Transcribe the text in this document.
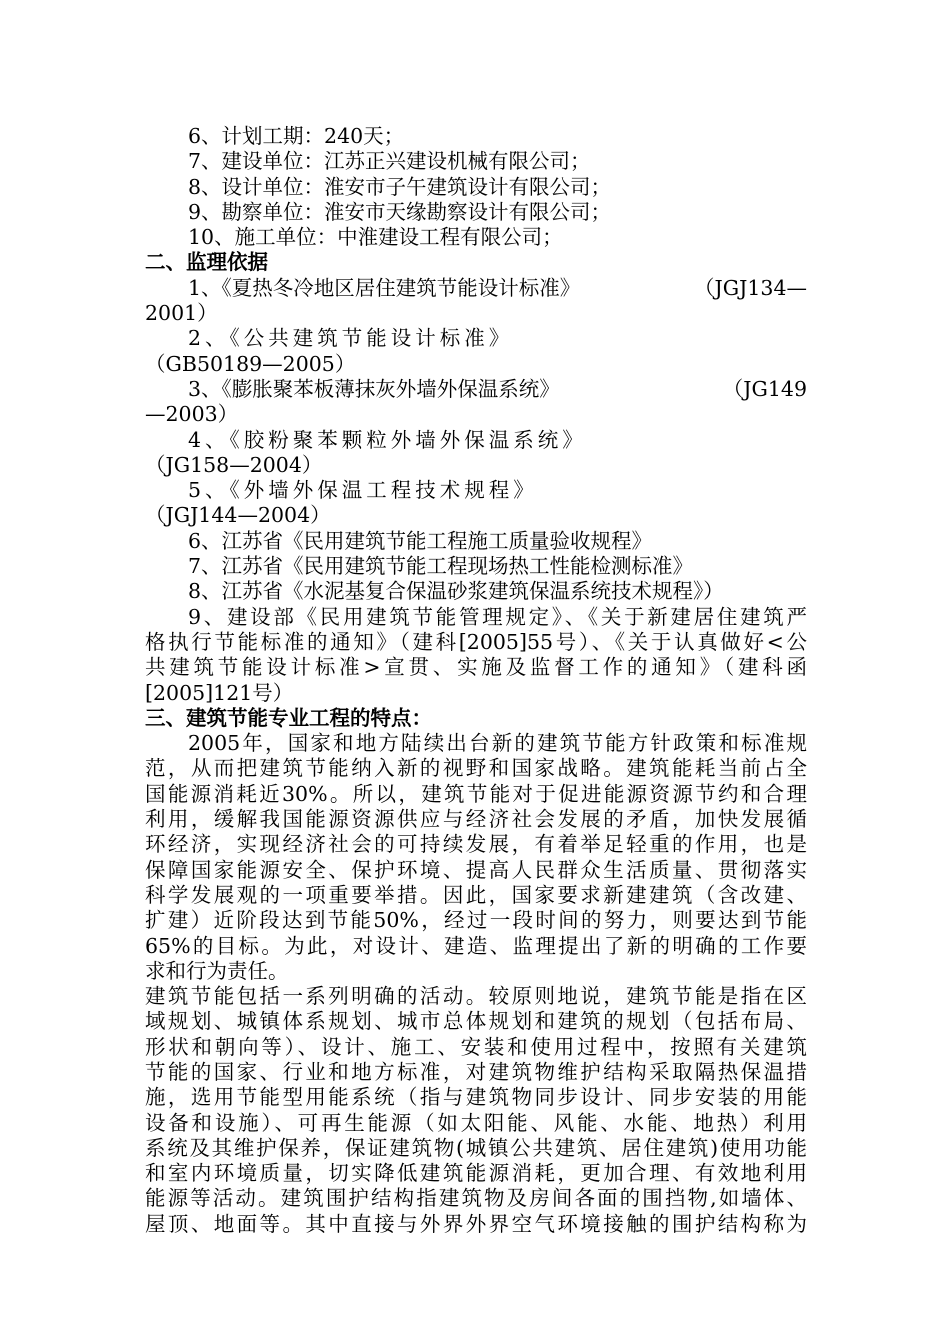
6、计划工期：240天；
7、建设单位：江苏正兴建设机械有限公司；
8、设计单位：淮安市子午建筑设计有限公司；
9、勘察单位：淮安市天缘勘察设计有限公司；
10、施工单位：中淮建设工程有限公司；
二、监理依据
1、《夏热冬冷地区居住建筑节能设计标准》	（JGJ134—
2001）
2、《公共建筑节能设计标准》
（GB50189—2005）
3、《膨胀聚苯板薄抹灰外墙外保温系统》	（JG149
—2003）
4、《胶粉聚苯颗粒外墙外保温系统》
（JG158—2004）
5、《外墙外保温工程技术规程》
（JGJ144—2004）
6、江苏省《民用建筑节能工程施工质量验收规程》
7、江苏省《民用建筑节能工程现场热工性能检测标准》
8、江苏省《水泥基复合保温砂浆建筑保温系统技术规程》）
9、建设部《民用建筑节能管理规定》、《关于新建居住建筑严
格执行节能标准的通知》（建科[2005]55号）、《关于认真做好<公
共建筑节能设计标准>宣贯、实施及监督工作的通知》（建科函
[2005]121号）
三、建筑节能专业工程的特点：
2005年，国家和地方陆续出台新的建筑节能方针政策和标准规
范，从而把建筑节能纳入新的视野和国家战略。建筑能耗当前占全
国能源消耗近30%。所以，建筑节能对于促进能源资源节约和合理
利用，缓解我国能源资源供应与经济社会发展的矛盾，加快发展循
环经济，实现经济社会的可持续发展，有着举足轻重的作用，也是
保障国家能源安全、保护环境、提高人民群众生活质量、贯彻落实
科学发展观的一项重要举措。因此，国家要求新建建筑（含改建、
扩建）近阶段达到节能50%，经过一段时间的努力，则要达到节能
65%的目标。为此，对设计、建造、监理提出了新的明确的工作要
求和行为责任。
建筑节能包括一系列明确的活动。较原则地说，建筑节能是指在区
域规划、城镇体系规划、城市总体规划和建筑的规划（包括布局、
形状和朝向等）、设计、施工、安装和使用过程中，按照有关建筑
节能的国家、行业和地方标准，对建筑物维护结构采取隔热保温措
施，选用节能型用能系统（指与建筑物同步设计、同步安装的用能
设备和设施）、可再生能源（如太阳能、风能、水能、地热）利用
系统及其维护保养，保证建筑物(城镇公共建筑、居住建筑)使用功能
和室内环境质量，切实降低建筑能源消耗，更加合理、有效地利用
能源等活动。建筑围护结构指建筑物及房间各面的围挡物,如墙体、
屋顶、地面等。其中直接与外界外界空气环境接触的围护结构称为
